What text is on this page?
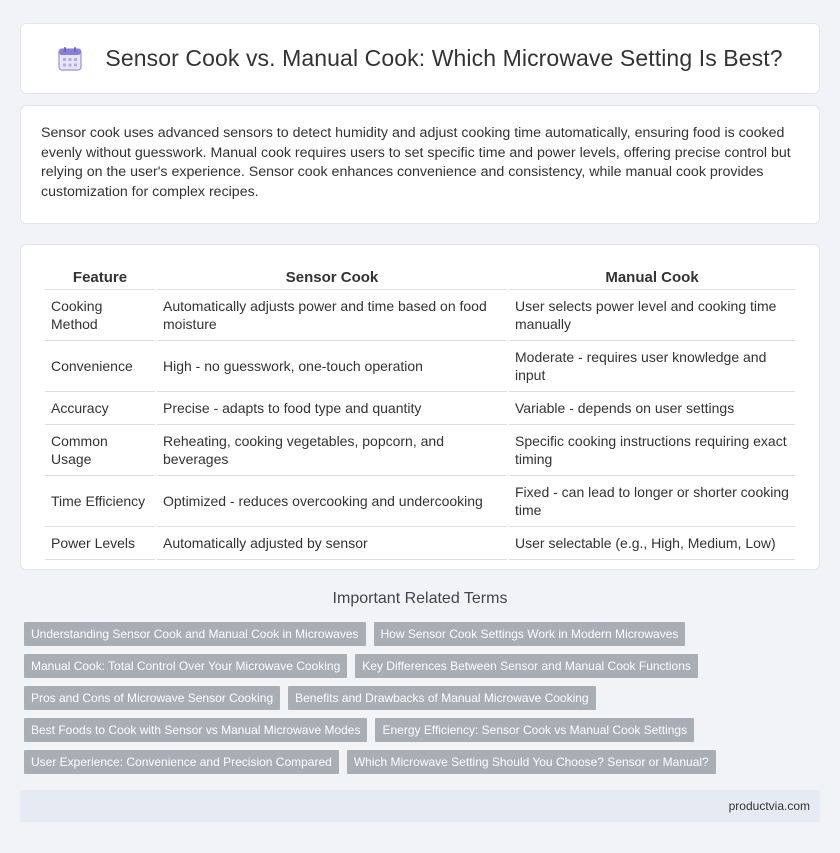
Sensor Cook vs. Manual Cook: Which Microwave Setting Is Best?

Sensor cook uses advanced sensors to detect humidity and adjust cooking time automatically, ensuring food is cooked evenly without guesswork. Manual cook requires users to set specific time and power levels, offering precise control but relying on the user's experience. Sensor cook enhances convenience and consistency, while manual cook provides customization for complex recipes.

Feature	Sensor Cook	Manual Cook
Cooking Method	Automatically adjusts power and time based on food moisture	User selects power level and cooking time manually
Convenience	High - no guesswork, one-touch operation	Moderate - requires user knowledge and input
Accuracy	Precise - adapts to food type and quantity	Variable - depends on user settings
Common Usage	Reheating, cooking vegetables, popcorn, and beverages	Specific cooking instructions requiring exact timing
Time Efficiency	Optimized - reduces overcooking and undercooking	Fixed - can lead to longer or shorter cooking time
Power Levels	Automatically adjusted by sensor	User selectable (e.g., High, Medium, Low)
Important Related Terms
Understanding Sensor Cook and Manual Cook in Microwaves	How Sensor Cook Settings Work in Modern Microwaves
Manual Cook: Total Control Over Your Microwave Cooking	Key Differences Between Sensor and Manual Cook Functions
Pros and Cons of Microwave Sensor Cooking	Benefits and Drawbacks of Manual Microwave Cooking
Best Foods to Cook with Sensor vs Manual Microwave Modes	Energy Efficiency: Sensor Cook vs Manual Cook Settings
User Experience: Convenience and Precision Compared	Which Microwave Setting Should You Choose? Sensor or Manual?
productvia.com
